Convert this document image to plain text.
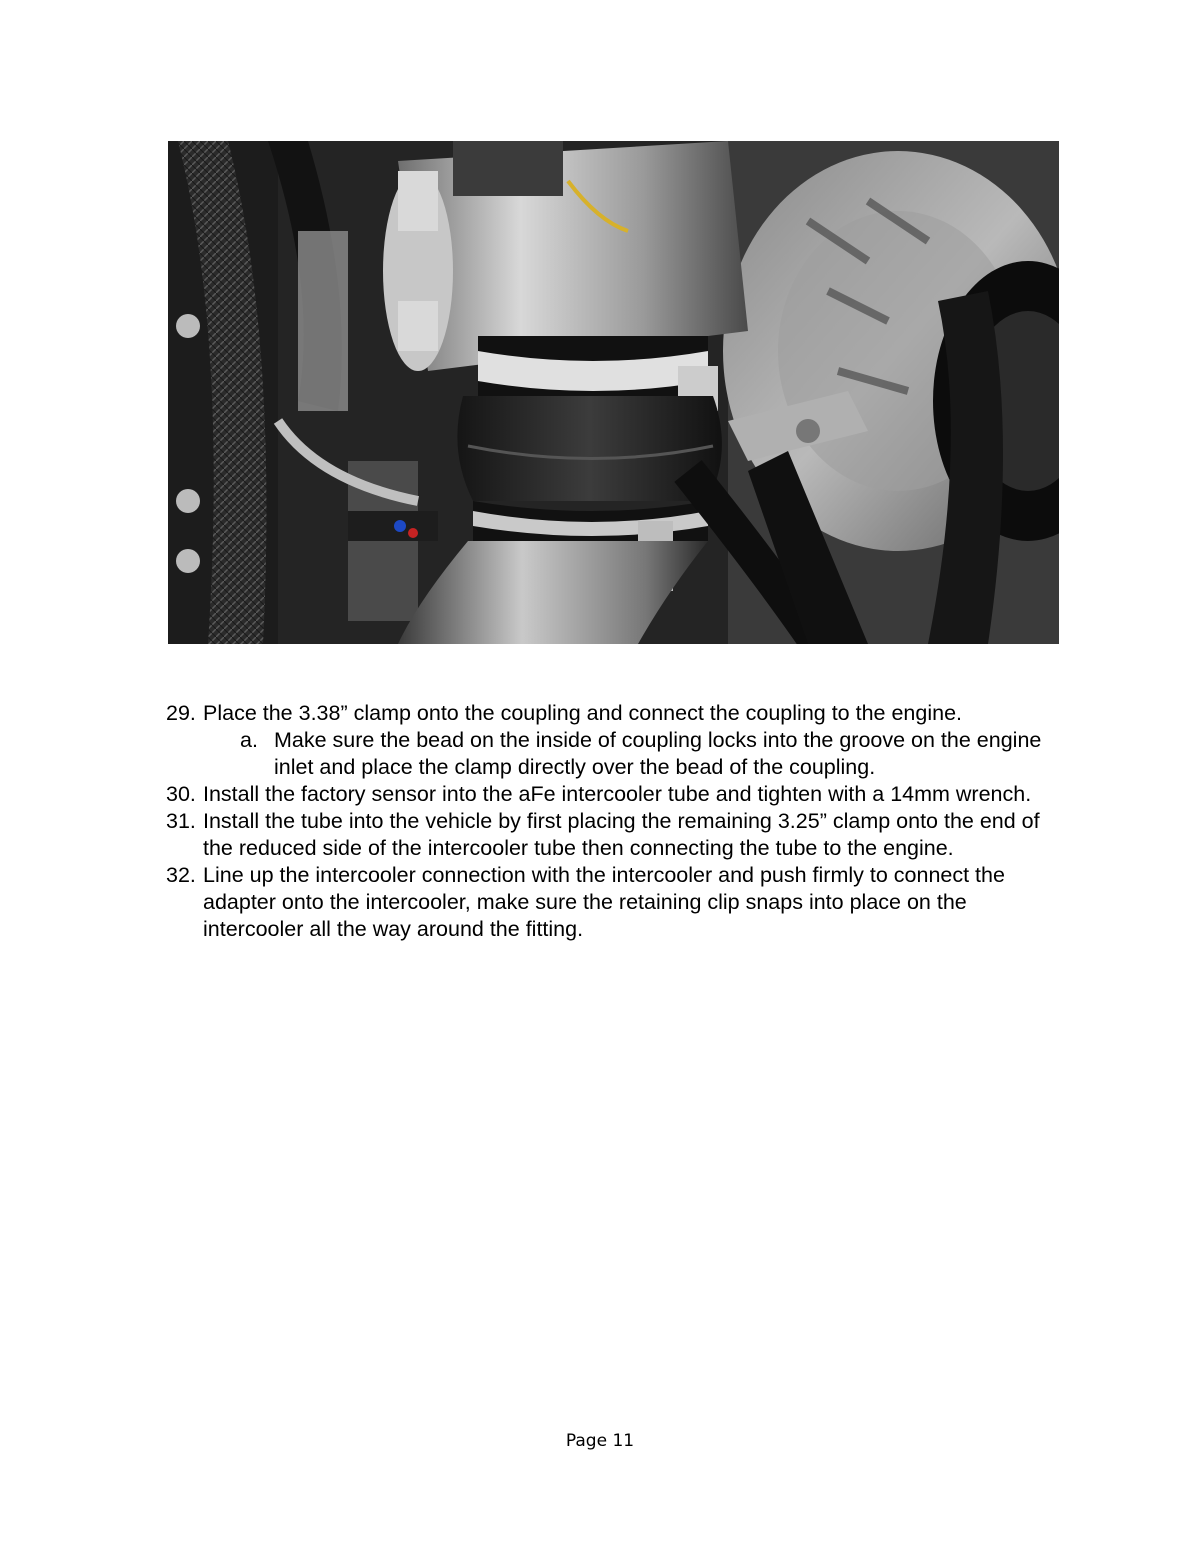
29. Place the 3.38” clamp onto the coupling and connect the coupling to the engine.
a. Make sure the bead on the inside of coupling locks into the groove on the engine inlet and place the clamp directly over the bead of the coupling.
30. Install the factory sensor into the aFe intercooler tube and tighten with a 14mm wrench.
31. Install the tube into the vehicle by first placing the remaining 3.25” clamp onto the end of the reduced side of the intercooler tube then connecting the tube to the engine.
32. Line up the intercooler connection with the intercooler and push firmly to connect the adapter onto the intercooler, make sure the retaining clip snaps into place on the intercooler all the way around the fitting.
Page 11
